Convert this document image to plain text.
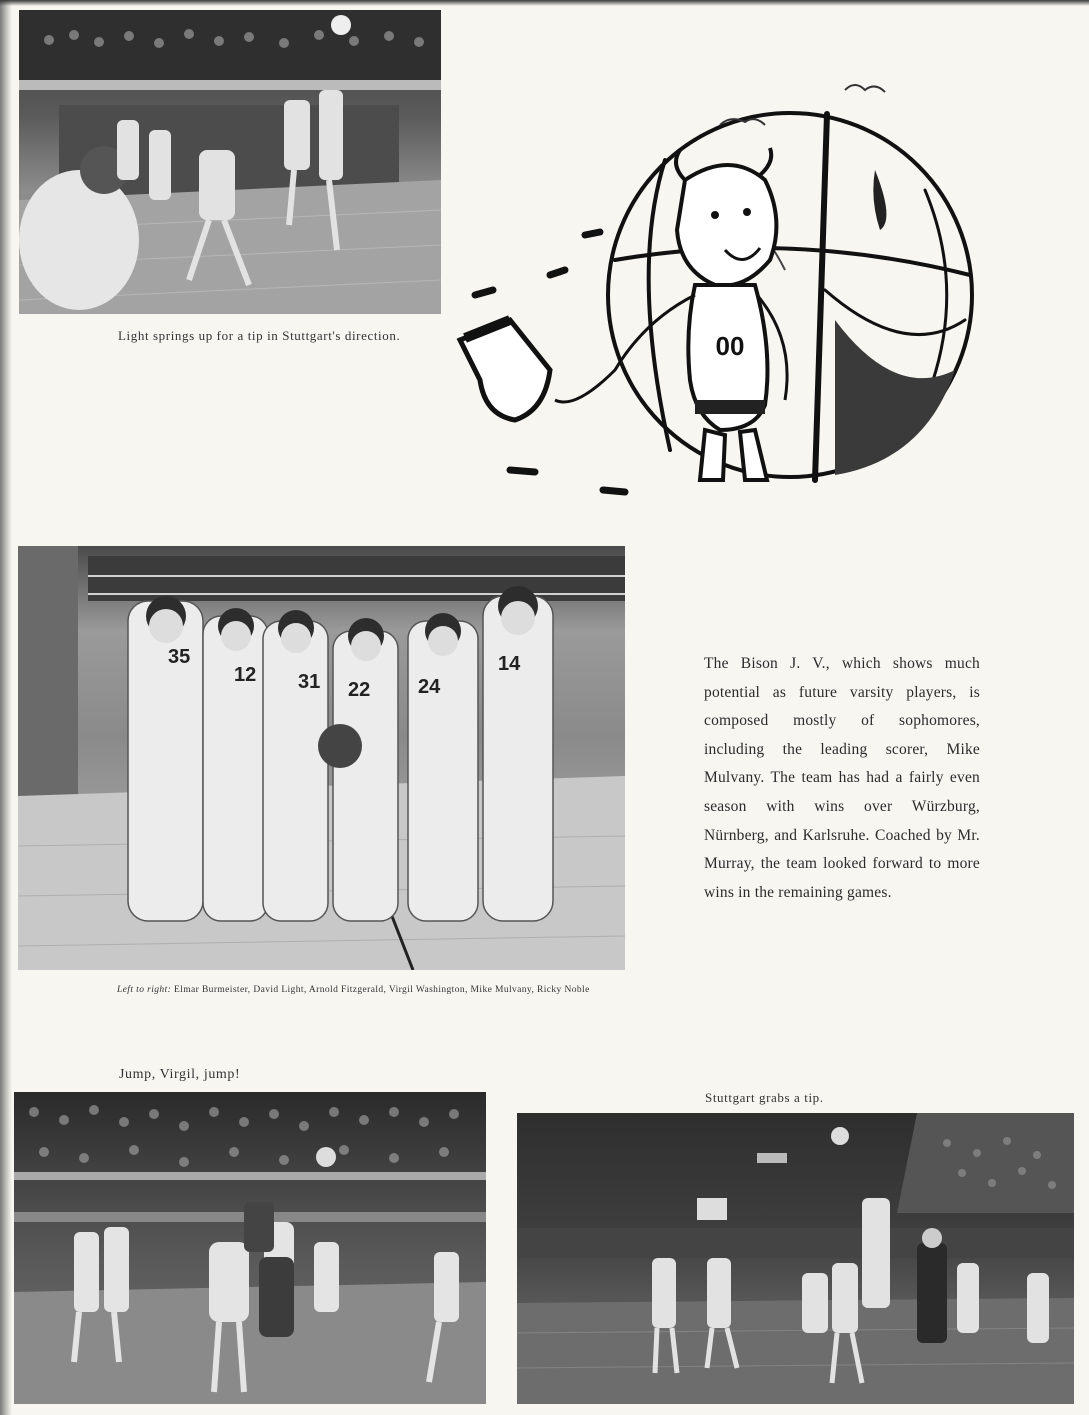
Light springs up for a tip in Stuttgart's direction.	00
35
12 31 22 24
14
Left to right: Elmar Burmeister, David Light, Arnold Fitzgerald, Virgil Washington, Mike Mulvany, Ricky Noble
The Bison J. V., which shows much potential as future varsity players, is composed mostly of sophomores, including the leading scorer, Mike Mulvany. The team has had a fairly even season with wins over Würzburg, Nürnberg, and Karlsruhe. Coached by Mr. Murray, the team looked forward to more wins in the remaining games.
Jump, Virgil, jump!
Stuttgart grabs a tip.
